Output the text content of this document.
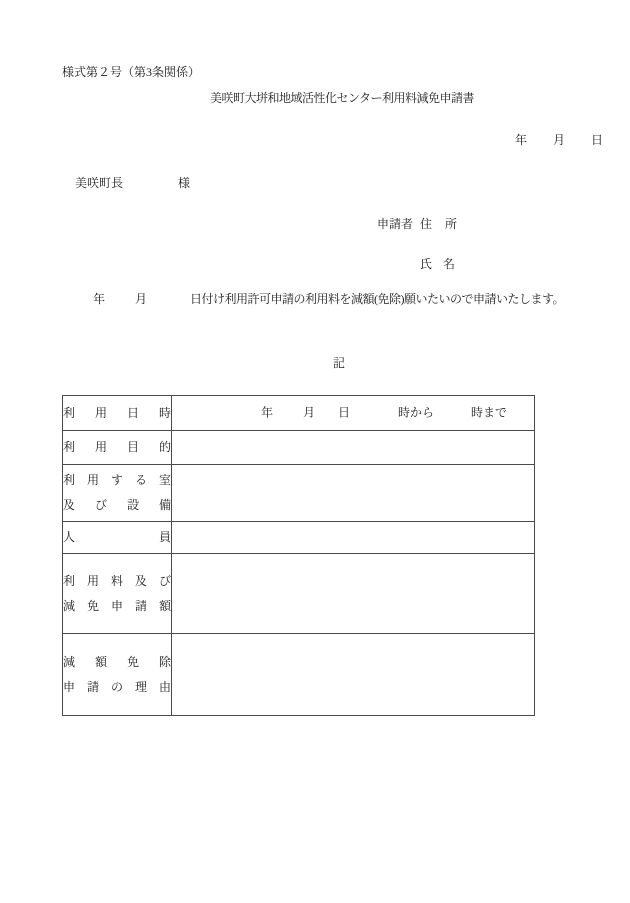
様式第２号（第3条関係）
美咲町大垪和地域活性化センター利用料減免申請書
年 月 日
美咲町長	様
申請者 住 所
氏 名
年 月	日付け利用許可申請の利用料を減額(免除)願いたいので申請いたします。
記
利 用 日 時	年 月 日 時から 時まで

利 用 目 的	

利 用 す る 室
及 び 設 備

人 員	

利 用 料 及 び
減 免 申 請 額

減 額 免 除
申 請 の 理 由
